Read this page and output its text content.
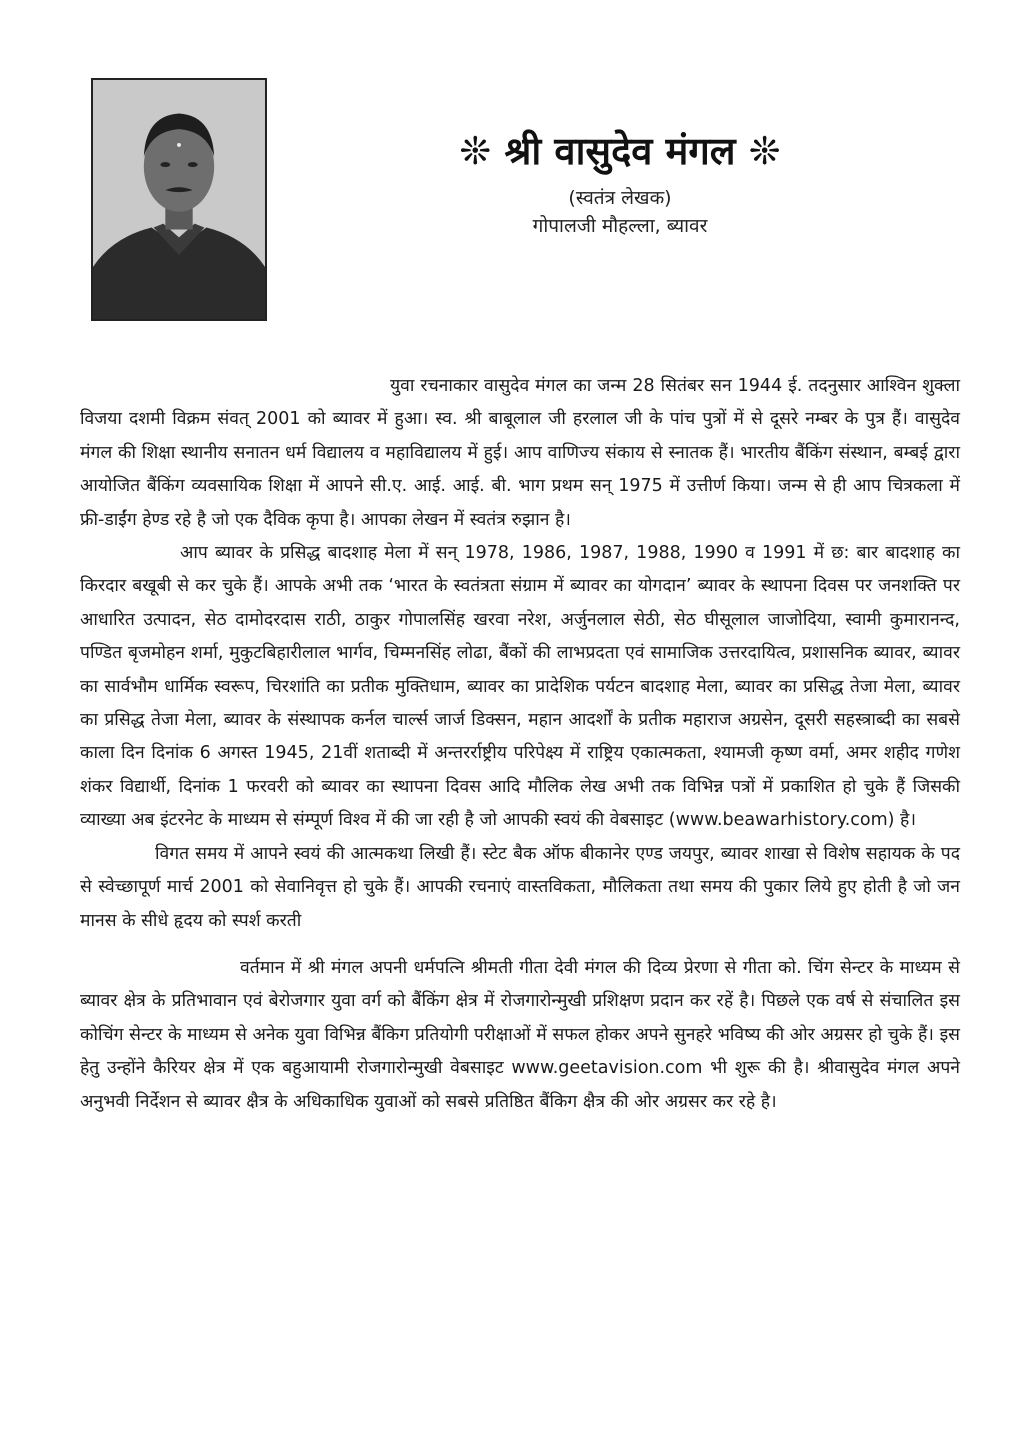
❊ श्री वासुदेव मंगल ❊
(स्वतंत्र लेखक)
गोपालजी मौहल्ला, ब्यावर

युवा रचनाकार वासुदेव मंगल का जन्म 28 सितंबर सन 1944 ई. तदनुसार आश्विन शुक्ला विजया दशमी विक्रम संवत् 2001 को ब्यावर में हुआ। स्व. श्री बाबूलाल जी हरलाल जी के पांच पुत्रों में से दूसरे नम्बर के पुत्र हैं। वासुदेव मंगल की शिक्षा स्थानीय सनातन धर्म विद्यालय व महाविद्यालय में हुई। आप वाणिज्य संकाय से स्नातक हैं। भारतीय बैंकिंग संस्थान, बम्बई द्वारा आयोजित बैंकिंग व्यवसायिक शिक्षा में आपने सी.ए. आई. आई. बी. भाग प्रथम सन् 1975 में उत्तीर्ण किया। जन्म से ही आप चित्रकला में फ्री-डाईंग हेण्ड रहे है जो एक दैविक कृपा है। आपका लेखन में स्वतंत्र रुझान है।

आप ब्यावर के प्रसिद्ध बादशाह मेला में सन् 1978, 1986, 1987, 1988, 1990 व 1991 में छ: बार बादशाह का किरदार बखूबी से कर चुके हैं। आपके अभी तक ‘भारत के स्वतंत्रता संग्राम में ब्यावर का योगदान’ ब्यावर के स्थापना दिवस पर जनशक्ति पर आधारित उत्पादन, सेठ दामोदरदास राठी, ठाकुर गोपालसिंह खरवा नरेश, अर्जुनलाल सेठी, सेठ घीसूलाल जाजोदिया, स्वामी कुमारानन्द, पण्डित बृजमोहन शर्मा, मुकुटबिहारीलाल भार्गव, चिम्मनसिंह लोढा, बैंकों की लाभप्रदता एवं सामाजिक उत्तरदायित्व, प्रशासनिक ब्यावर, ब्यावर का सार्वभौम धार्मिक स्वरूप, चिरशांति का प्रतीक मुक्तिधाम, ब्यावर का प्रादेशिक पर्यटन बादशाह मेला, ब्यावर का प्रसिद्ध तेजा मेला, ब्यावर का प्रसिद्ध तेजा मेला, ब्यावर के संस्थापक कर्नल चार्ल्स जार्ज डिक्सन, महान आदर्शों के प्रतीक महाराज अग्रसेन, दूसरी सहस्त्राब्दी का सबसे काला दिन दिनांक 6 अगस्त 1945, 21वीं शताब्दी में अन्तरर्राष्ट्रीय परिपेक्ष्य में राष्ट्रिय एकात्मकता, श्यामजी कृष्ण वर्मा, अमर शहीद गणेश शंकर विद्यार्थी, दिनांक 1 फरवरी को ब्यावर का स्थापना दिवस आदि मौलिक लेख अभी तक विभिन्न पत्रों में प्रकाशित हो चुके हैं जिसकी व्याख्या अब इंटरनेट के माध्यम से संम्पूर्ण विश्व में की जा रही है जो आपकी स्वयं की वेबसाइट (www.beawarhistory.com) है।

विगत समय में आपने स्वयं की आत्मकथा लिखी हैं। स्टेट बैक ऑफ बीकानेर एण्ड जयपुर, ब्यावर शाखा से विशेष सहायक के पद से स्वेच्छापूर्ण मार्च 2001 को सेवानिवृत्त हो चुके हैं। आपकी रचनाएं वास्तविकता, मौलिकता तथा समय की पुकार लिये हुए होती है जो जन मानस के सीधे हृदय को स्पर्श करती

वर्तमान में श्री मंगल अपनी धर्मपत्नि श्रीमती गीता देवी मंगल की दिव्य प्रेरणा से गीता को. चिंग सेन्टर के माध्यम से ब्यावर क्षेत्र के प्रतिभावान एवं बेरोजगार युवा वर्ग को बैंकिंग क्षेत्र में रोजगारोन्मुखी प्रशिक्षण प्रदान कर रहें है। पिछले एक वर्ष से संचालित इस कोचिंग सेन्टर के माध्यम से अनेक युवा विभिन्न बैंकिग प्रतियोगी परीक्षाओं में सफल होकर अपने सुनहरे भविष्य की ओर अग्रसर हो चुके हैं। इस हेतु उन्होंने कैरियर क्षेत्र में एक बहुआयामी रोजगारोन्मुखी वेबसाइट www.geetavision.com भी शुरू की है। श्रीवासुदेव मंगल अपने अनुभवी निर्देशन से ब्यावर क्षैत्र के अधिकाधिक युवाओं को सबसे प्रतिष्ठित बैंकिग क्षैत्र की ओर अग्रसर कर रहे है।
